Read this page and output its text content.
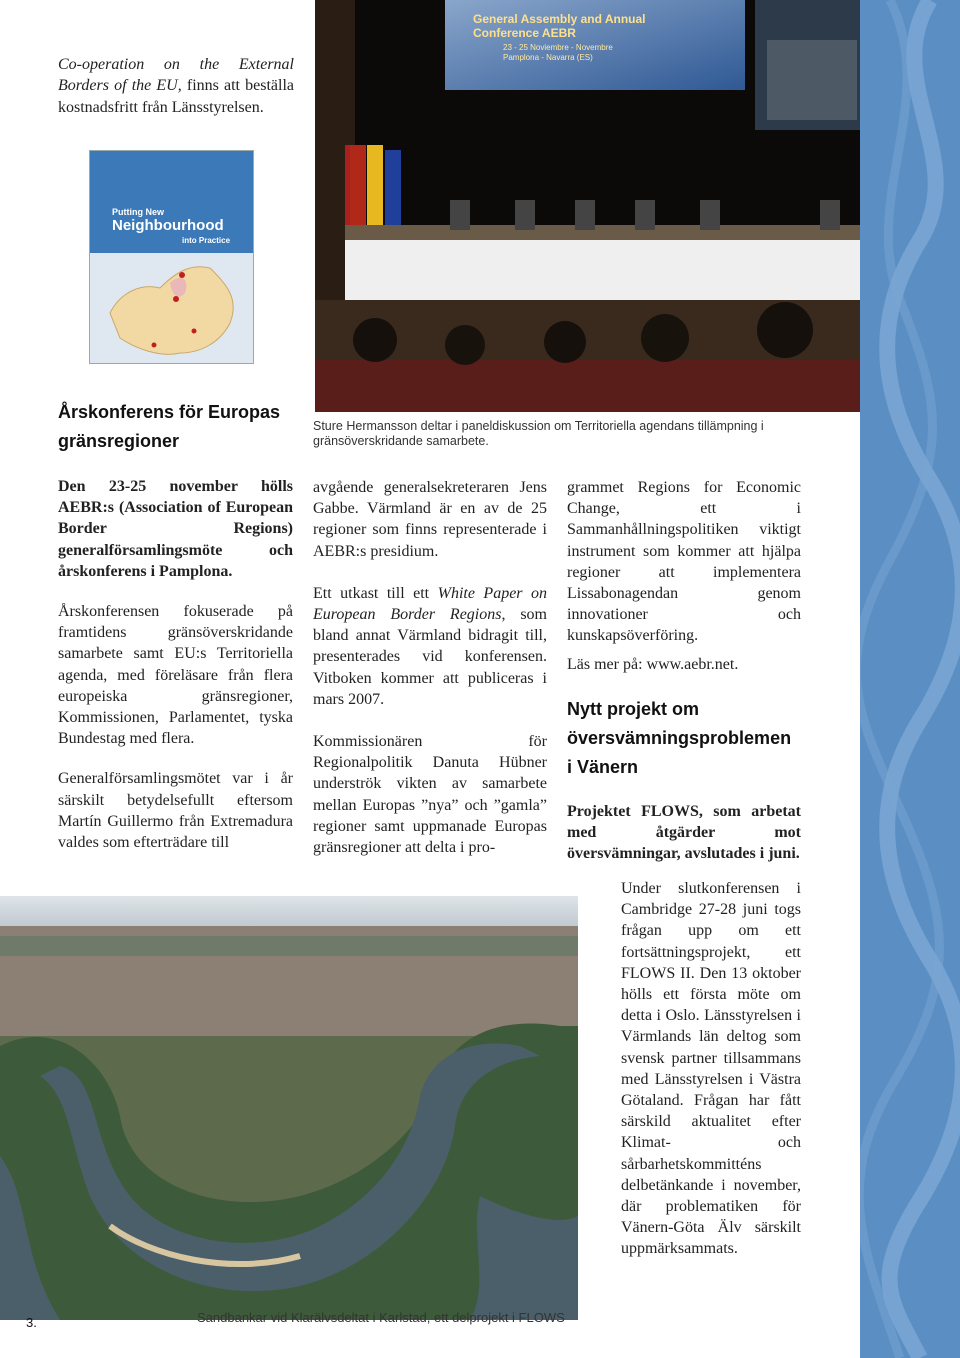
Co-operation on the External Borders of the EU, finns att beställa kostnadsfritt från Länsstyrelsen.
Putting New
Neighbourhood
into Practice
General Assembly and Annual
Conference AEBR
23 - 25 Noviembre - Novembre
Pamplona - Navarra (ES)
Sture Hermansson deltar i paneldiskussion om Territoriella agendans tillämpning i gränsöverskridande samarbete.
Årskonferens för Europas gränsregioner

Den 23-25 november hölls AEBR:s (Association of European Border Regions) generalförsamlingsmöte och årskonferens i Pamplona.

Årskonferensen fokuserade på framtidens gränsöverskridande samarbete samt EU:s Territoriella agenda, med föreläsare från flera europeiska gränsregioner, Kommissionen, Parlamentet, tyska Bundestag med flera.

Generalförsamlingsmötet var i år särskilt betydelsefullt eftersom Martín Guillermo från Extremadura valdes som efterträdare till

avgående generalsekreteraren Jens Gabbe. Värmland är en av de 25 regioner som finns representerade i AEBR:s presidium.

Ett utkast till ett White Paper on European Border Regions, som bland annat Värmland bidragit till, presenterades vid konferensen. Vitboken kommer att publiceras i mars 2007.

Kommissionären för Regionalpolitik Danuta Hübner underströk vikten av samarbete mellan Europas ”nya” och ”gamla” regioner samt uppmanade Europas gränsregioner att delta i pro-

grammet Regions for Economic Change, ett i Sammanhållningspolitiken viktigt instrument som kommer att hjälpa regioner att implementera Lissabonagendan genom innovationer och kunskapsöverföring.

Läs mer på: www.aebr.net.

Nytt projekt om översvämningsproblemen i Vänern
Projektet FLOWS, som arbetat med åtgärder mot översvämningar, avslutades i juni.
Under slutkonferensen i Cambridge 27-28 juni togs frågan upp om ett fortsättningsprojekt, ett FLOWS II. Den 13 oktober hölls ett första möte om detta i Oslo. Länsstyrelsen i Värmlands län deltog som svensk partner tillsammans med Länsstyrelsen i Västra Götaland. Frågan har fått särskild aktualitet efter Klimat- och sårbarhetskommitténs delbetänkande i november, där problematiken för Vänern-Göta Älv särskilt uppmärksammats.
3.	Sandbankar vid Klarälvsdeltat i Karlstad, ett delprojekt i FLOWS
